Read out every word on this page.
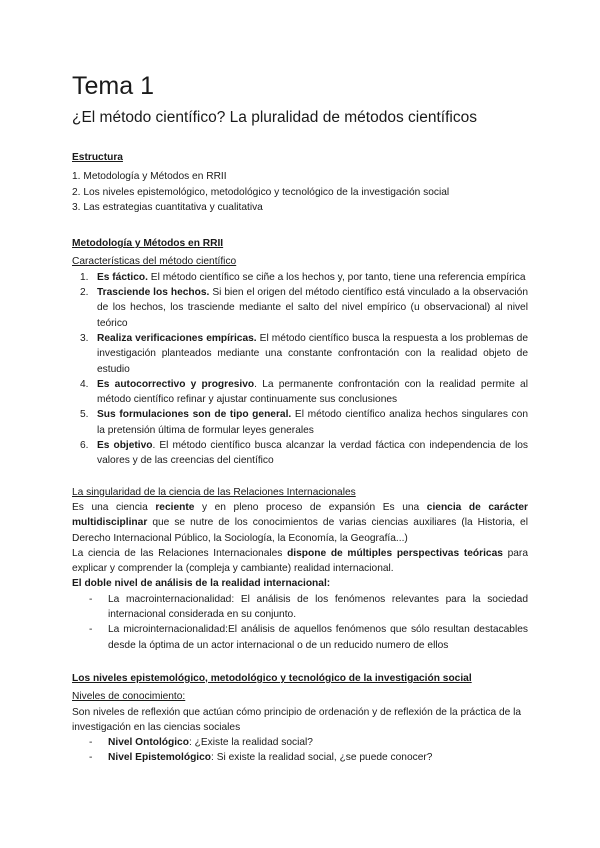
Tema 1

¿El método científico? La pluralidad de métodos científicos

Estructura

1. Metodología y Métodos en RRII

2. Los niveles epistemológico, metodológico y tecnológico de la investigación social

3. Las estrategias cuantitativa y cualitativa

Metodología y Métodos en RRII

Características del método científico

1. Es fáctico. El método científico se ciñe a los hechos y, por tanto, tiene una referencia empírica
2. Trasciende los hechos. Si bien el origen del método científico está vinculado a la observación de los hechos, los trasciende mediante el salto del nivel empírico (u observacional) al nivel teórico
3. Realiza verificaciones empíricas. El método científico busca la respuesta a los problemas de investigación planteados mediante una constante confrontación con la realidad objeto de estudio
4. Es autocorrectivo y progresivo. La permanente confrontación con la realidad permite al método científico refinar y ajustar continuamente sus conclusiones
5. Sus formulaciones son de tipo general. El método científico analiza hechos singulares con la pretensión última de formular leyes generales
6. Es objetivo. El método científico busca alcanzar la verdad fáctica con independencia de los valores y de las creencias del científico

La singularidad de la ciencia de las Relaciones Internacionales

Es una ciencia reciente y en pleno proceso de expansión Es una ciencia de carácter multidisciplinar que se nutre de los conocimientos de varias ciencias auxiliares (la Historia, el Derecho Internacional Público, la Sociología, la Economía, la Geografía...)

La ciencia de las Relaciones Internacionales dispone de múltiples perspectivas teóricas para explicar y comprender la (compleja y cambiante) realidad internacional.

El doble nivel de análisis de la realidad internacional:

- La macrointernacionalidad: El análisis de los fenómenos relevantes para la sociedad internacional considerada en su conjunto.
- La microinternacionalidad:El análisis de aquellos fenómenos que sólo resultan destacables desde la óptima de un actor internacional o de un reducido numero de ellos

Los niveles epistemológico, metodológico y tecnológico de la investigación social

Niveles de conocimiento:

Son niveles de reflexión que actúan cómo principio de ordenación y de reflexión de la práctica de la investigación en las ciencias sociales

- Nivel Ontológico: ¿Existe la realidad social?
- Nivel Epistemológico: Si existe la realidad social, ¿se puede conocer?
